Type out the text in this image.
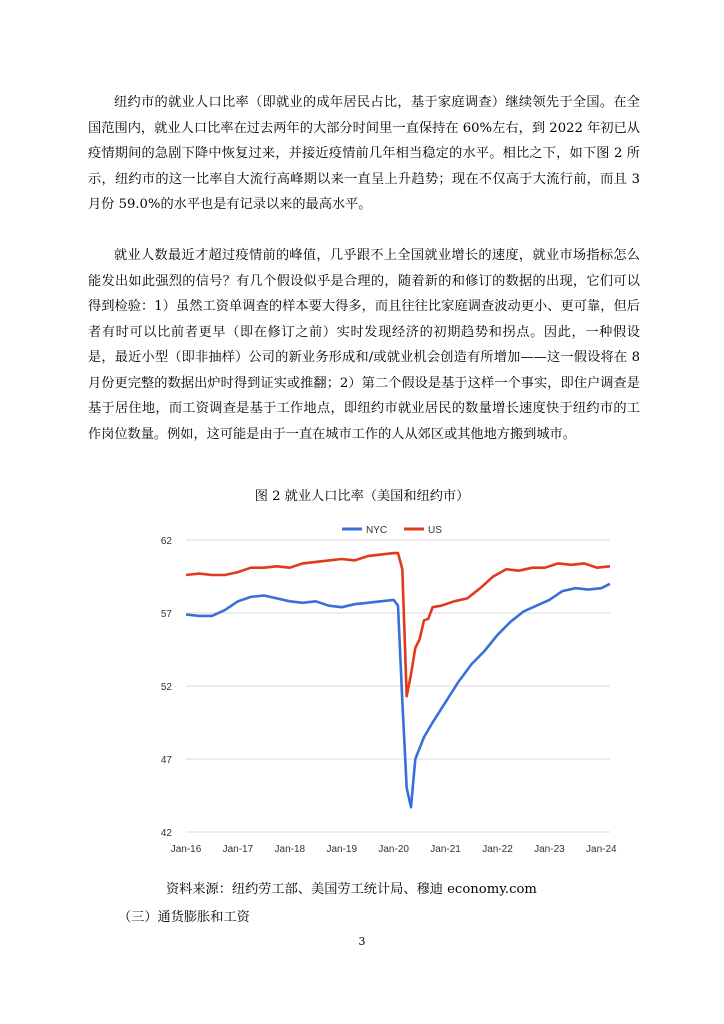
纽约市的就业人口比率（即就业的成年居民占比，基于家庭调查）继续领先于全国。在全国范围内，就业人口比率在过去两年的大部分时间里一直保持在 60%左右，到 2022 年初已从疫情期间的急剧下降中恢复过来，并接近疫情前几年相当稳定的水平。相比之下，如下图 2 所示，纽约市的这一比率自大流行高峰期以来一直呈上升趋势；现在不仅高于大流行前，而且 3 月份 59.0%的水平也是有记录以来的最高水平。

就业人数最近才超过疫情前的峰值，几乎跟不上全国就业增长的速度，就业市场指标怎么能发出如此强烈的信号？有几个假设似乎是合理的，随着新的和修订的数据的出现，它们可以得到检验：1）虽然工资单调查的样本要大得多，而且往往比家庭调查波动更小、更可靠，但后者有时可以比前者更早（即在修订之前）实时发现经济的初期趋势和拐点。因此，一种假设是，最近小型（即非抽样）公司的新业务形成和/或就业机会创造有所增加——这一假设将在 8 月份更完整的数据出炉时得到证实或推翻；2）第二个假设是基于这样一个事实，即住户调查是基于居住地，而工资调查是基于工作地点，即纽约市就业居民的数量增长速度快于纽约市的工作岗位数量。例如，这可能是由于一直在城市工作的人从郊区或其他地方搬到城市。

图 2 就业人口比率（美国和纽约市）
42
47
52
57
62
Jan-16 Jan-17 Jan-18 Jan-19 Jan-20 Jan-21 Jan-22 Jan-23 Jan-24
NYC	US
资料来源：纽约劳工部、美国劳工统计局、穆迪 economy.com
（三）通货膨胀和工资
3
